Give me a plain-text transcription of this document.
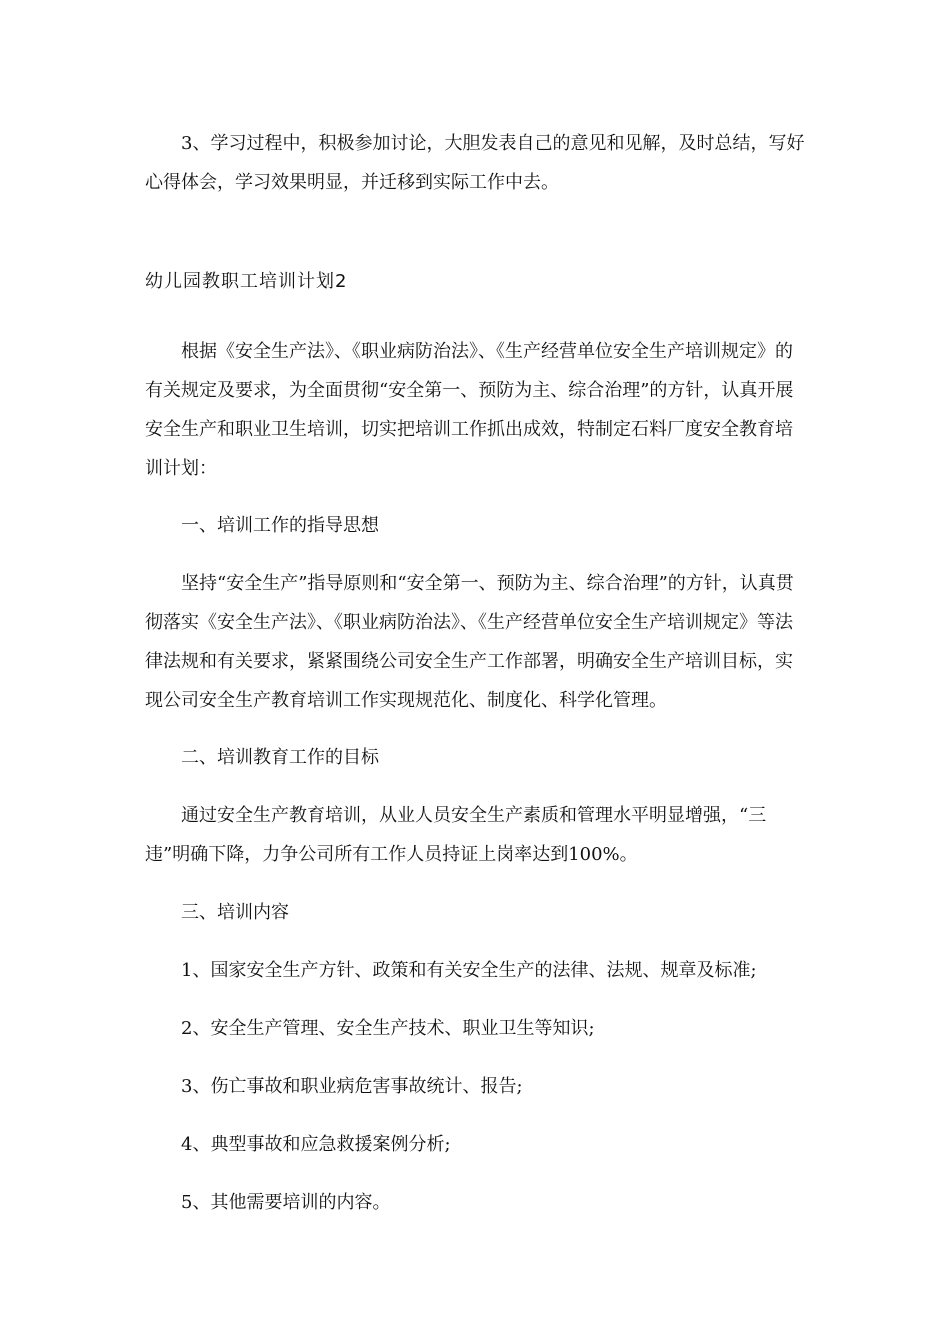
3、学习过程中，积极参加讨论，大胆发表自己的意见和见解，及时总结，写好心得体会，学习效果明显，并迁移到实际工作中去。

幼儿园教职工培训计划2

根据《安全生产法》、《职业病防治法》、《生产经营单位安全生产培训规定》的有关规定及要求，为全面贯彻“安全第一、预防为主、综合治理”的方针，认真开展安全生产和职业卫生培训，切实把培训工作抓出成效，特制定石料厂度安全教育培训计划：

一、培训工作的指导思想

坚持“安全生产”指导原则和“安全第一、预防为主、综合治理”的方针，认真贯彻落实《安全生产法》、《职业病防治法》、《生产经营单位安全生产培训规定》等法律法规和有关要求，紧紧围绕公司安全生产工作部署，明确安全生产培训目标，实现公司安全生产教育培训工作实现规范化、制度化、科学化管理。

二、培训教育工作的目标

通过安全生产教育培训，从业人员安全生产素质和管理水平明显增强，“三违”明确下降，力争公司所有工作人员持证上岗率达到100%。

三、培训内容

1、国家安全生产方针、政策和有关安全生产的法律、法规、规章及标准;

2、安全生产管理、安全生产技术、职业卫生等知识;

3、伤亡事故和职业病危害事故统计、报告;

4、典型事故和应急救援案例分析;

5、其他需要培训的内容。
